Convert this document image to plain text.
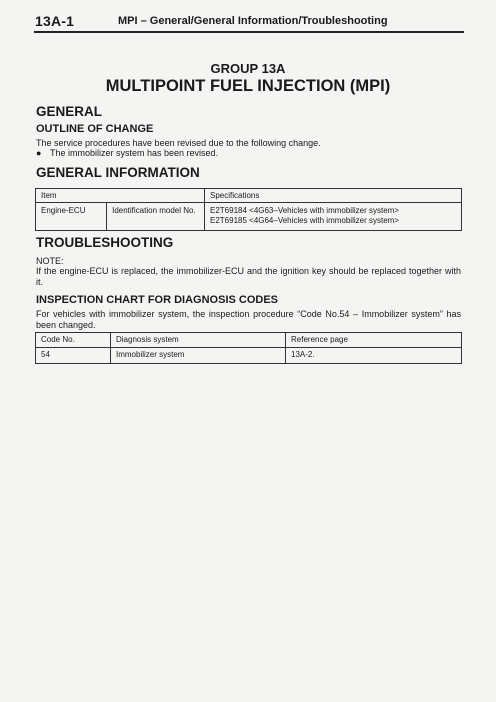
13A-1	MPI – General/General Information/Troubleshooting
GROUP 13A
MULTIPOINT FUEL INJECTION (MPI)
GENERAL
OUTLINE OF CHANGE
The service procedures have been revised due to the following change.
● The immobilizer system has been revised.
GENERAL INFORMATION
Item		Specifications
Engine-ECU	Identification model No.	E2T69184 <4G63–Vehicles with immobilizer system>
E2T69185 <4G64–Vehicles with immobilizer system>
TROUBLESHOOTING
NOTE:
If the engine-ECU is replaced, the immobilizer-ECU and the ignition key should be replaced together with it.
INSPECTION CHART FOR DIAGNOSIS CODES
For vehicles with immobilizer system, the inspection procedure “Code No.54 – Immobilizer system” has been changed.
Code No.	Diagnosis system	Reference page
54	Immobilizer system	13A-2.
